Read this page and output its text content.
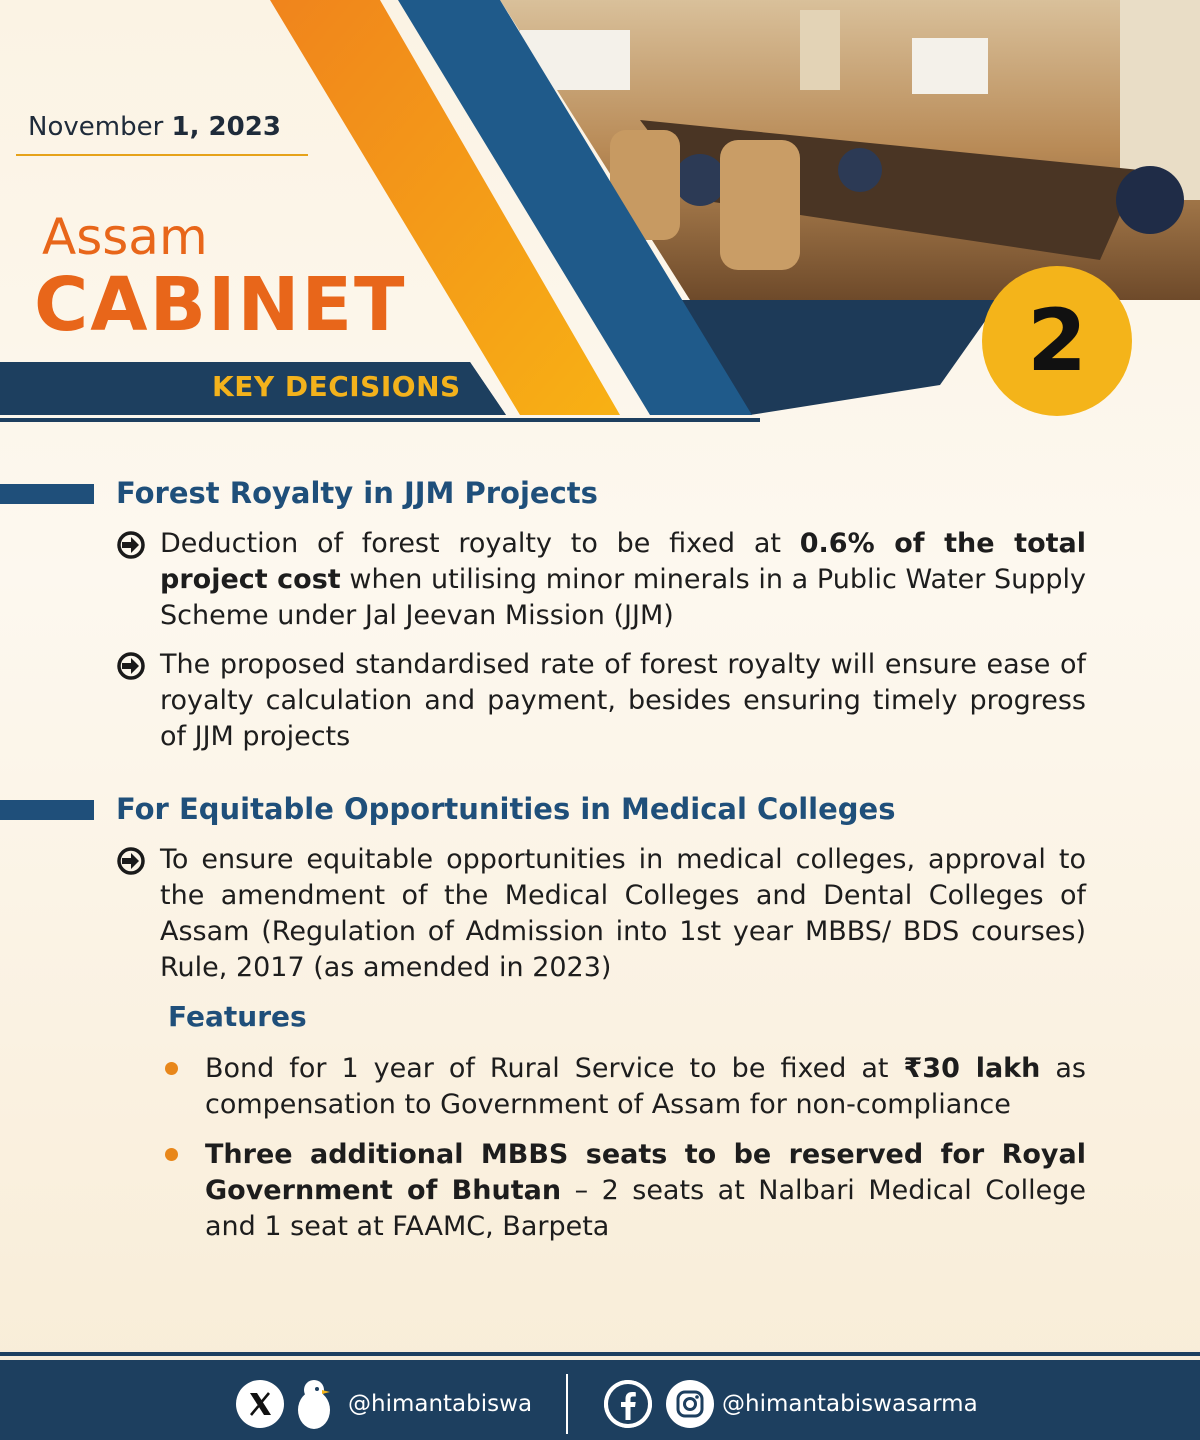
November 1, 2023
Assam
CABINET
KEY DECISIONS	2
Forest Royalty in JJM Projects
Deduction of forest royalty to be fixed at 0.6% of the total project cost when utilising minor minerals in a Public Water Supply Scheme under Jal Jeevan Mission (JJM)
The proposed standardised rate of forest royalty will ensure ease of royalty calculation and payment, besides ensuring timely progress of JJM projects
For Equitable Opportunities in Medical Colleges
To ensure equitable opportunities in medical colleges, approval to the amendment of the Medical Colleges and Dental Colleges of Assam (Regulation of Admission into 1st year MBBS/ BDS courses) Rule, 2017 (as amended in 2023)
Features
Bond for 1 year of Rural Service to be fixed at ₹30 lakh as compensation to Government of Assam for non-compliance
Three additional MBBS seats to be reserved for Royal Government of Bhutan – 2 seats at Nalbari Medical College and 1 seat at FAAMC, Barpeta
@himantabiswa	@himantabiswasarma
